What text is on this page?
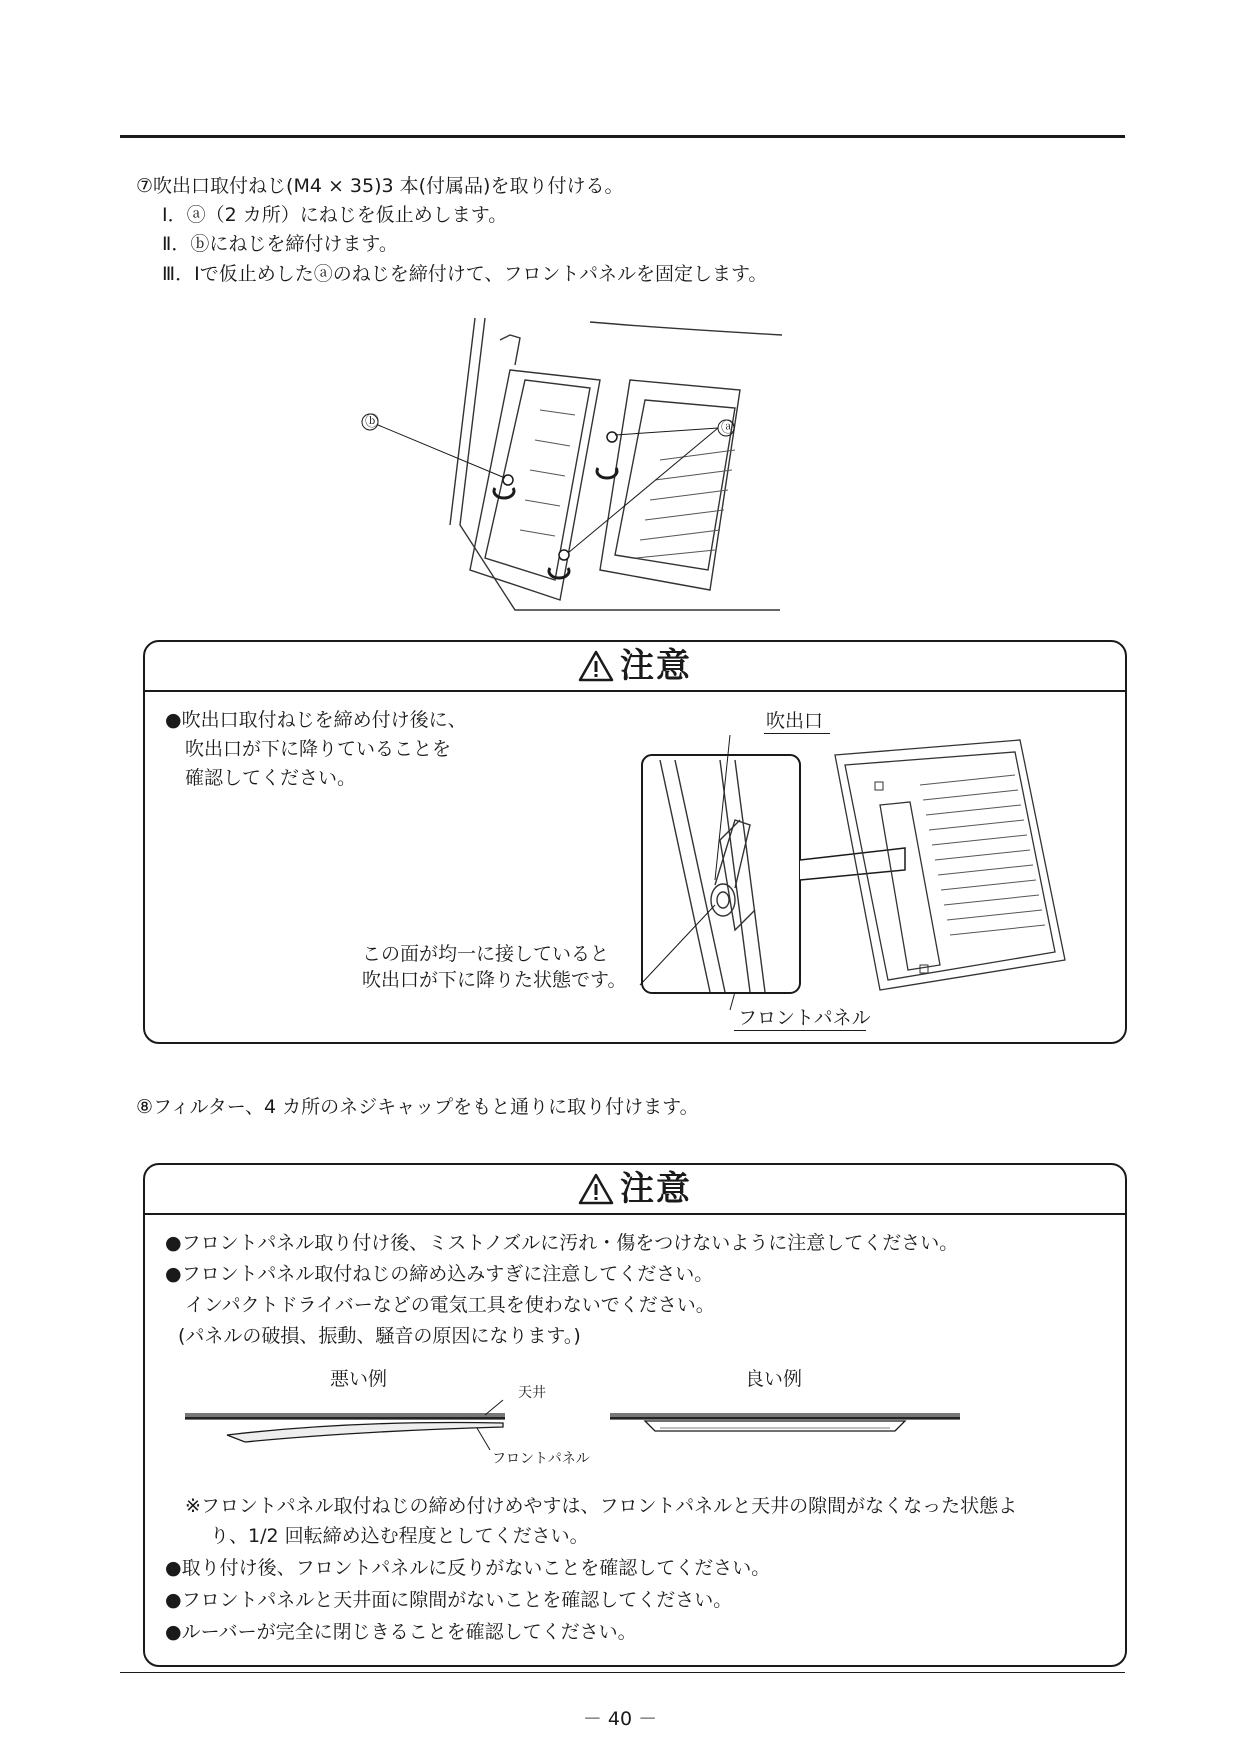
⑦吹出口取付ねじ(M4 × 35)3 本(付属品)を取り付ける。
Ⅰ．ⓐ（2 カ所）にねじを仮止めします。
Ⅱ．ⓑにねじを締付けます。
Ⅲ．Ⅰで仮止めしたⓐのねじを締付けて、フロントパネルを固定します。
ⓑ	ⓐ
注意
●吹出口取付ねじを締め付け後に、
吹出口が下に降りていることを
確認してください。
吹出口
この面が均一に接していると
吹出口が下に降りた状態です。
フロントパネル
⑧フィルター、4 カ所のネジキャップをもと通りに取り付けます。
注意
●フロントパネル取り付け後、ミストノズルに汚れ・傷をつけないように注意してください。
●フロントパネル取付ねじの締め込みすぎに注意してください。
インパクトドライバーなどの電気工具を使わないでください。
(パネルの破損、振動、騒音の原因になります。)
悪い例	良い例
天井
フロントパネル
※フロントパネル取付ねじの締め付けめやすは、フロントパネルと天井の隙間がなくなった状態よ
り、1/2 回転締め込む程度としてください。
●取り付け後、フロントパネルに反りがないことを確認してください。
●フロントパネルと天井面に隙間がないことを確認してください。
●ルーバーが完全に閉じきることを確認してください。
－ 40 －
